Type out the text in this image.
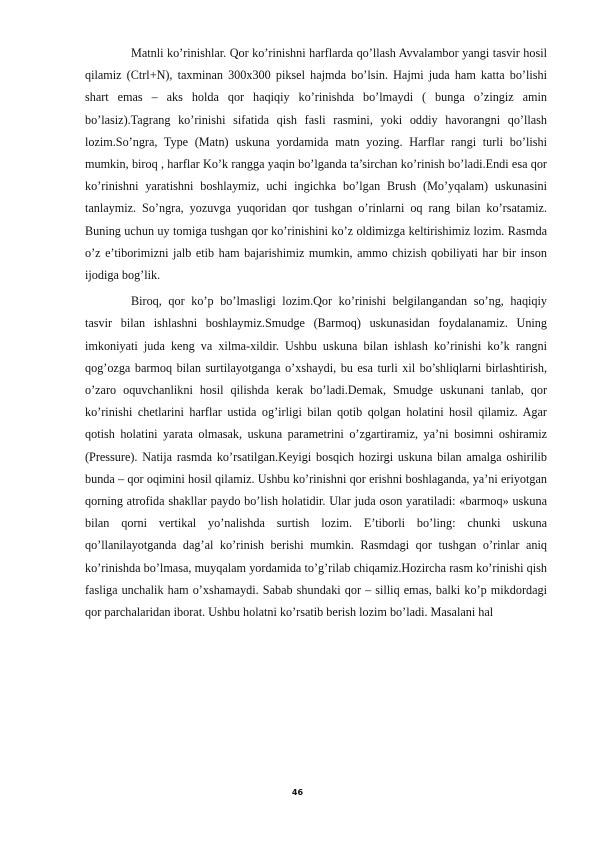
Matnli ko’rinishlar. Qor ko’rinishni harflarda qo’llash Avvalambor yangi tasvir hosil qilamiz (Ctrl+N), taxminan 300x300 piksel hajmda bo’lsin. Hajmi juda ham katta bo’lishi shart emas – aks holda qor haqiqiy ko’rinishda bo’lmaydi ( bunga o’zingiz amin bo’lasiz).Tagrang ko’rinishi sifatida qish fasli rasmini, yoki oddiy havorangni qo’llash lozim.So’ngra, Type (Matn) uskuna yordamida matn yozing. Harflar rangi turli bo’lishi mumkin, biroq , harflar Ko’k rangga yaqin bo’lganda ta’sirchan ko’rinish bo’ladi.Endi esa qor ko’rinishni yaratishni boshlaymiz, uchi ingichka bo’lgan Brush (Mo’yqalam) uskunasini tanlaymiz. So’ngra, yozuvga yuqoridan qor tushgan o’rinlarni oq rang bilan ko’rsatamiz. Buning uchun uy tomiga tushgan qor ko’rinishini ko’z oldimizga keltirishimiz lozim. Rasmda o’z e’tiborimizni jalb etib ham bajarishimiz mumkin, ammo chizish qobiliyati har bir inson ijodiga bog’lik.

Biroq, qor ko’p bo’lmasligi lozim.Qor ko’rinishi belgilangandan so’ng, haqiqiy tasvir bilan ishlashni boshlaymiz.Smudge (Barmoq) uskunasidan foydalanamiz. Uning imkoniyati juda keng va xilma-xildir. Ushbu uskuna bilan ishlash ko’rinishi ko’k rangni qog’ozga barmoq bilan surtilayotganga o’xshaydi, bu esa turli xil bo’shliqlarni birlashtirish, o’zaro oquvchanlikni hosil qilishda kerak bo’ladi.Demak, Smudge uskunani tanlab, qor ko’rinishi chetlarini harflar ustida og’irligi bilan qotib qolgan holatini hosil qilamiz. Agar qotish holatini yarata olmasak, uskuna parametrini o’zgartiramiz, ya’ni bosimni oshiramiz (Pressure). Natija rasmda ko’rsatilgan.Keyigi bosqich hozirgi uskuna bilan amalga oshirilib bunda – qor oqimini hosil qilamiz. Ushbu ko’rinishni qor erishni boshlaganda, ya’ni eriyotgan qorning atrofida shakllar paydo bo’lish holatidir. Ular juda oson yaratiladi: «barmoq» uskuna bilan qorni vertikal yo’nalishda surtish lozim. E’tiborli bo’ling: chunki uskuna qo’llanilayotganda dag’al ko’rinish berishi mumkin. Rasmdagi qor tushgan o’rinlar aniq ko’rinishda bo’lmasa, muyqalam yordamida to’g’rilab chiqamiz.Hozircha rasm ko’rinishi qish fasliga unchalik ham o’xshamaydi. Sabab shundaki qor – silliq emas, balki ko’p mikdordagi qor parchalaridan iborat. Ushbu holatni ko’rsatib berish lozim bo’ladi. Masalani hal

46
